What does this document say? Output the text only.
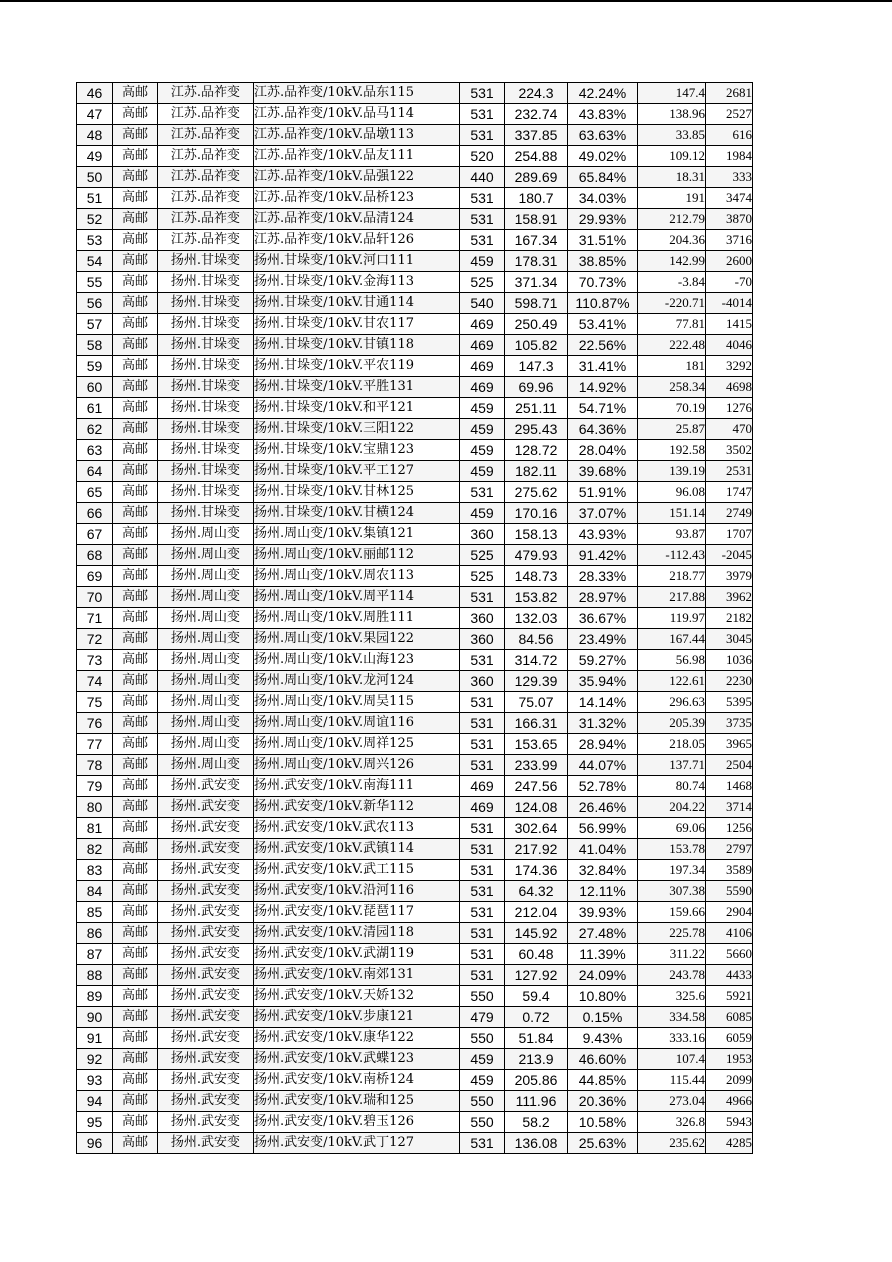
46	高邮	江苏.品祚变	江苏.品祚变/10kV.品东115	531	224.3	42.24%	147.4	2681
47	高邮	江苏.品祚变	江苏.品祚变/10kV.品马114	531	232.74	43.83%	138.96	2527
48	高邮	江苏.品祚变	江苏.品祚变/10kV.品墩113	531	337.85	63.63%	33.85	616
49	高邮	江苏.品祚变	江苏.品祚变/10kV.品友111	520	254.88	49.02%	109.12	1984
50	高邮	江苏.品祚变	江苏.品祚变/10kV.品强122	440	289.69	65.84%	18.31	333
51	高邮	江苏.品祚变	江苏.品祚变/10kV.品桥123	531	180.7	34.03%	191	3474
52	高邮	江苏.品祚变	江苏.品祚变/10kV.品清124	531	158.91	29.93%	212.79	3870
53	高邮	江苏.品祚变	江苏.品祚变/10kV.品轩126	531	167.34	31.51%	204.36	3716
54	高邮	扬州.甘垛变	扬州.甘垛变/10kV.河口111	459	178.31	38.85%	142.99	2600
55	高邮	扬州.甘垛变	扬州.甘垛变/10kV.金海113	525	371.34	70.73%	-3.84	-70
56	高邮	扬州.甘垛变	扬州.甘垛变/10kV.甘通114	540	598.71	110.87%	-220.71	-4014
57	高邮	扬州.甘垛变	扬州.甘垛变/10kV.甘农117	469	250.49	53.41%	77.81	1415
58	高邮	扬州.甘垛变	扬州.甘垛变/10kV.甘镇118	469	105.82	22.56%	222.48	4046
59	高邮	扬州.甘垛变	扬州.甘垛变/10kV.平农119	469	147.3	31.41%	181	3292
60	高邮	扬州.甘垛变	扬州.甘垛变/10kV.平胜131	469	69.96	14.92%	258.34	4698
61	高邮	扬州.甘垛变	扬州.甘垛变/10kV.和平121	459	251.11	54.71%	70.19	1276
62	高邮	扬州.甘垛变	扬州.甘垛变/10kV.三阳122	459	295.43	64.36%	25.87	470
63	高邮	扬州.甘垛变	扬州.甘垛变/10kV.宝鼎123	459	128.72	28.04%	192.58	3502
64	高邮	扬州.甘垛变	扬州.甘垛变/10kV.平工127	459	182.11	39.68%	139.19	2531
65	高邮	扬州.甘垛变	扬州.甘垛变/10kV.甘林125	531	275.62	51.91%	96.08	1747
66	高邮	扬州.甘垛变	扬州.甘垛变/10kV.甘横124	459	170.16	37.07%	151.14	2749
67	高邮	扬州.周山变	扬州.周山变/10kV.集镇121	360	158.13	43.93%	93.87	1707
68	高邮	扬州.周山变	扬州.周山变/10kV.丽邮112	525	479.93	91.42%	-112.43	-2045
69	高邮	扬州.周山变	扬州.周山变/10kV.周农113	525	148.73	28.33%	218.77	3979
70	高邮	扬州.周山变	扬州.周山变/10kV.周平114	531	153.82	28.97%	217.88	3962
71	高邮	扬州.周山变	扬州.周山变/10kV.周胜111	360	132.03	36.67%	119.97	2182
72	高邮	扬州.周山变	扬州.周山变/10kV.果园122	360	84.56	23.49%	167.44	3045
73	高邮	扬州.周山变	扬州.周山变/10kV.山海123	531	314.72	59.27%	56.98	1036
74	高邮	扬州.周山变	扬州.周山变/10kV.龙河124	360	129.39	35.94%	122.61	2230
75	高邮	扬州.周山变	扬州.周山变/10kV.周吴115	531	75.07	14.14%	296.63	5395
76	高邮	扬州.周山变	扬州.周山变/10kV.周谊116	531	166.31	31.32%	205.39	3735
77	高邮	扬州.周山变	扬州.周山变/10kV.周祥125	531	153.65	28.94%	218.05	3965
78	高邮	扬州.周山变	扬州.周山变/10kV.周兴126	531	233.99	44.07%	137.71	2504
79	高邮	扬州.武安变	扬州.武安变/10kV.南海111	469	247.56	52.78%	80.74	1468
80	高邮	扬州.武安变	扬州.武安变/10kV.新华112	469	124.08	26.46%	204.22	3714
81	高邮	扬州.武安变	扬州.武安变/10kV.武农113	531	302.64	56.99%	69.06	1256
82	高邮	扬州.武安变	扬州.武安变/10kV.武镇114	531	217.92	41.04%	153.78	2797
83	高邮	扬州.武安变	扬州.武安变/10kV.武工115	531	174.36	32.84%	197.34	3589
84	高邮	扬州.武安变	扬州.武安变/10kV.沿河116	531	64.32	12.11%	307.38	5590
85	高邮	扬州.武安变	扬州.武安变/10kV.琵琶117	531	212.04	39.93%	159.66	2904
86	高邮	扬州.武安变	扬州.武安变/10kV.清园118	531	145.92	27.48%	225.78	4106
87	高邮	扬州.武安变	扬州.武安变/10kV.武湖119	531	60.48	11.39%	311.22	5660
88	高邮	扬州.武安变	扬州.武安变/10kV.南郊131	531	127.92	24.09%	243.78	4433
89	高邮	扬州.武安变	扬州.武安变/10kV.天娇132	550	59.4	10.80%	325.6	5921
90	高邮	扬州.武安变	扬州.武安变/10kV.步康121	479	0.72	0.15%	334.58	6085
91	高邮	扬州.武安变	扬州.武安变/10kV.康华122	550	51.84	9.43%	333.16	6059
92	高邮	扬州.武安变	扬州.武安变/10kV.武蝶123	459	213.9	46.60%	107.4	1953
93	高邮	扬州.武安变	扬州.武安变/10kV.南桥124	459	205.86	44.85%	115.44	2099
94	高邮	扬州.武安变	扬州.武安变/10kV.瑞和125	550	111.96	20.36%	273.04	4966
95	高邮	扬州.武安变	扬州.武安变/10kV.碧玉126	550	58.2	10.58%	326.8	5943
96	高邮	扬州.武安变	扬州.武安变/10kV.武丁127	531	136.08	25.63%	235.62	4285
